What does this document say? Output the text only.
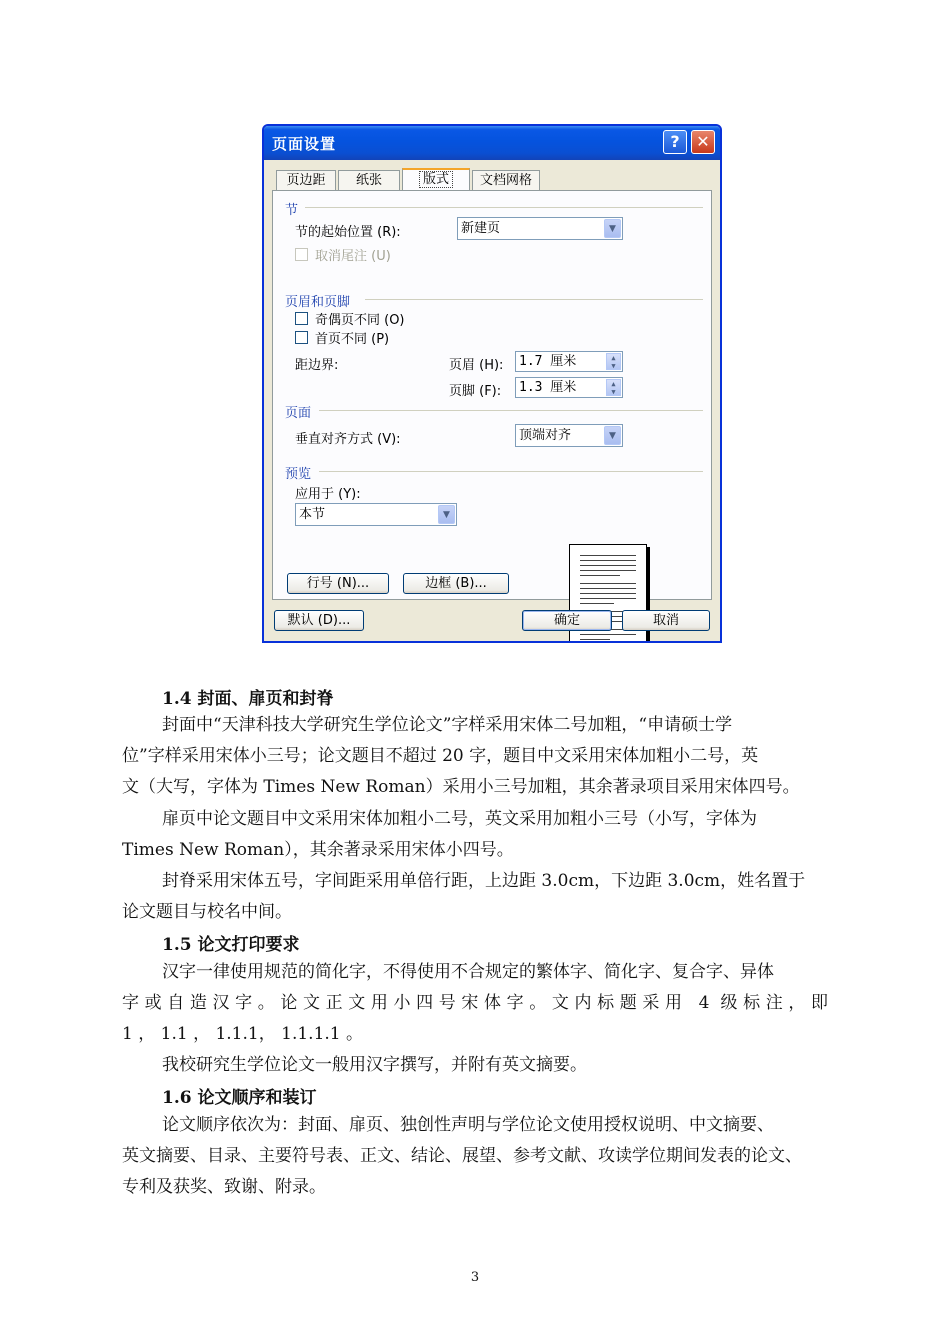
页面设置	?	✕
页边距	纸张	版式	文档网格
节
节的起始位置 (R):	新建页	▼
取消尾注 (U)
页眉和页脚
奇偶页不同 (O)
首页不同 (P)
距边界:	页眉 (H):	1.7 厘米	▲
▼
页脚 (F):	1.3 厘米	▲
▼
页面
垂直对齐方式 (V):	顶端对齐	▼
预览
应用于 (Y):
本节	▼
行号 (N)...	边框 (B)...
默认 (D)...	确定	取消
1.4 封面、扉页和封脊
封面中“天津科技大学研究生学位论文”字样采用宋体二号加粗，“申请硕士学
位”字样采用宋体小三号；论文题目不超过 20 字，题目中文采用宋体加粗小二号，英
文（大写，字体为 Times New Roman）采用小三号加粗，其余著录项目采用宋体四号。
扉页中论文题目中文采用宋体加粗小二号，英文采用加粗小三号（小写，字体为
Times New Roman），其余著录采用宋体小四号。
封脊采用宋体五号，字间距采用单倍行距，上边距 3.0cm，下边距 3.0cm，姓名置于
论文题目与校名中间。
1.5 论文打印要求
汉字一律使用规范的简化字，不得使用不合规定的繁体字、简化字、复合字、异体
字或自造汉字。论文正文用小四号宋体字。文内标题采用 4 级标注，即
1 ， 1.1 ， 1.1.1， 1.1.1.1 。
我校研究生学位论文一般用汉字撰写，并附有英文摘要。
1.6 论文顺序和装订
论文顺序依次为：封面、扉页、独创性声明与学位论文使用授权说明、中文摘要、
英文摘要、目录、主要符号表、正文、结论、展望、参考文献、攻读学位期间发表的论文、
专利及获奖、致谢、附录。
3
